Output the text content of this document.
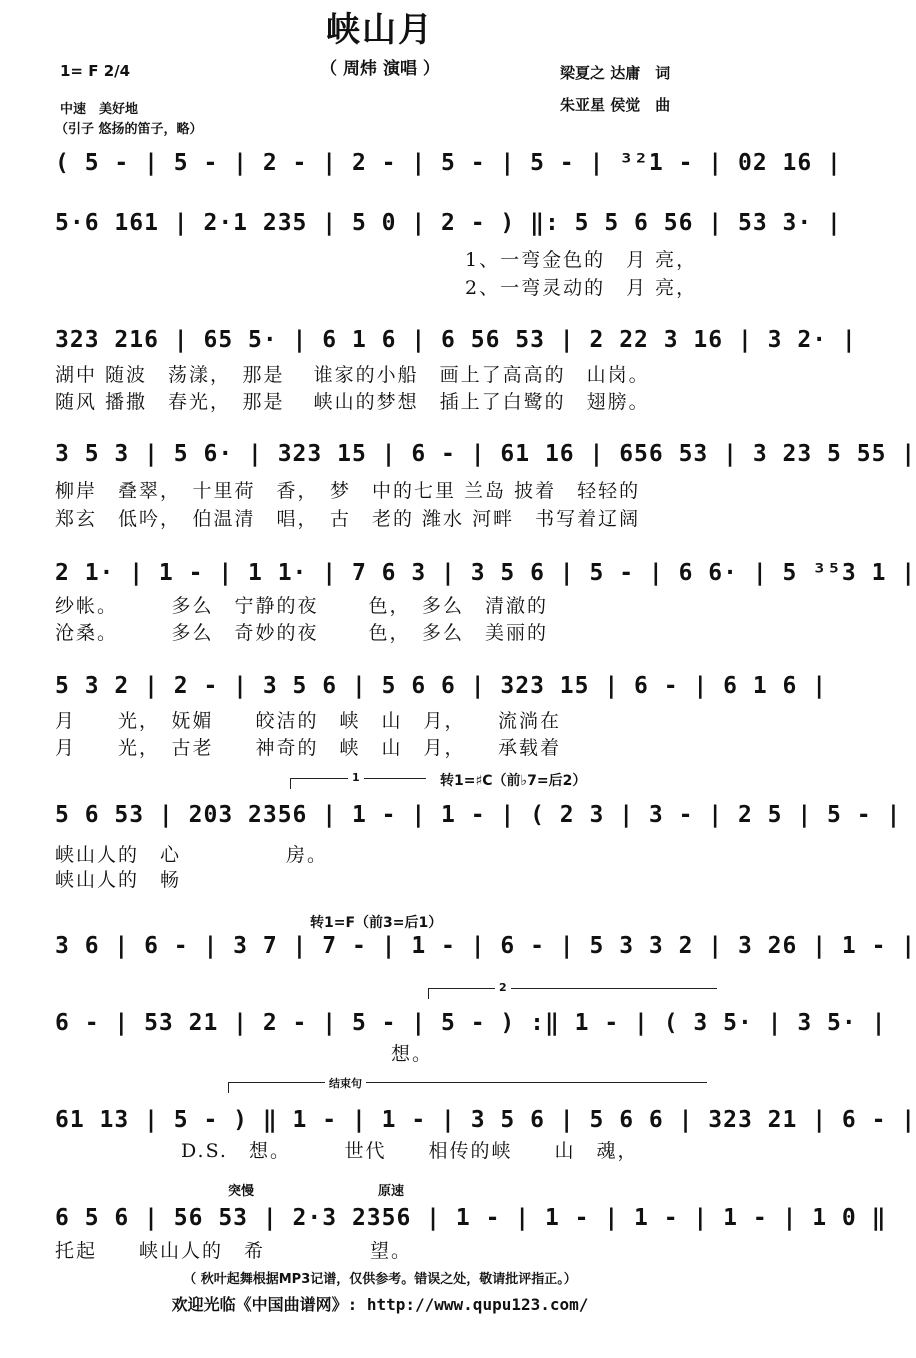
峡山月
（ 周炜 演唱 ）
1= F 2/4
中速　美好地
（引子 悠扬的笛子，略）
梁夏之 达庸　词
朱亚星 侯觉　曲
( 5 - | 5 - | 2 - | 2 - | 5 - | 5 - | ³²1 - | 02 16 |
5·6 161 | 2·1 235 | 5 0 | 2 - ) ‖: 5 5 6 56 | 53 3· |
1、一弯金色的　月 亮，
2、一弯灵动的　月 亮，
323 216 | 65 5· | 6 1 6 | 6 56 53 | 2 22 3 16 | 3 2· |
湖中 随波　荡漾，　那是　 谁家的小船　画上了高高的　山岗。
随风 播撒　春光，　那是　 峡山的梦想　插上了白鹭的　翅膀。
3 5 3 | 5 6· | 323 15 | 6 - | 61 16 | 656 53 | 3 23 5 55 |
柳岸　叠翠，　十里荷　香，　梦　中的七里 兰岛 披着　轻轻的
郑玄　低吟，　伯温清　唱，　古　老的 潍水 河畔　书写着辽阔
2 1· | 1 - | 1 1· | 7 6 3 | 3 5 6 | 5 - | 6 6· | 5 ³⁵3 1 |
纱帐。　　　多么　宁静的夜　　 色，　多么　清澈的
沧桑。　　　多么　奇妙的夜　　 色，　多么　美丽的
5 3 2 | 2 - | 3 5 6 | 5 6 6 | 323 15 | 6 - | 6 1 6 |
月　　光，　妩媚　　皎洁的　峡　山　月，　　流淌在
月　　光，　古老　　神奇的　峡　山　月，　　承载着
1	转1=♯C（前♭7=后2）
5 6 53 | 203 2356 | 1 - | 1 - | ( 2 3 | 3 - | 2 5 | 5 - |
峡山人的　心　　　　　房。
峡山人的　畅
转1=F（前3=后1）
3 6 | 6 - | 3 7 | 7 - | 1 - | 6 - | 5 3 3 2 | 3 26 | 1 - |
2
6 - | 53 21 | 2 - | 5 - | 5 - ) :‖ 1 - | ( 3 5· | 3 5· |
　　　　　　　　　　　　　　　　想。
结束句
61 13 | 5 - ) ‖ 1 - | 1 - | 3 5 6 | 5 6 6 | 323 21 | 6 - |
　　　　　　D.S.　想。　　　世代　　相传的峡　　山　魂，
突慢	原速
6 5 6 | 56 53 | 2·3 2356 | 1 - | 1 - | 1 - | 1 - | 1 0 ‖
托起　　峡山人的　希　　　　　望。
（ 秋叶起舞根据MP3记谱，仅供参考。错误之处，敬请批评指正。）
欢迎光临《中国曲谱网》: http://www.qupu123.com/
